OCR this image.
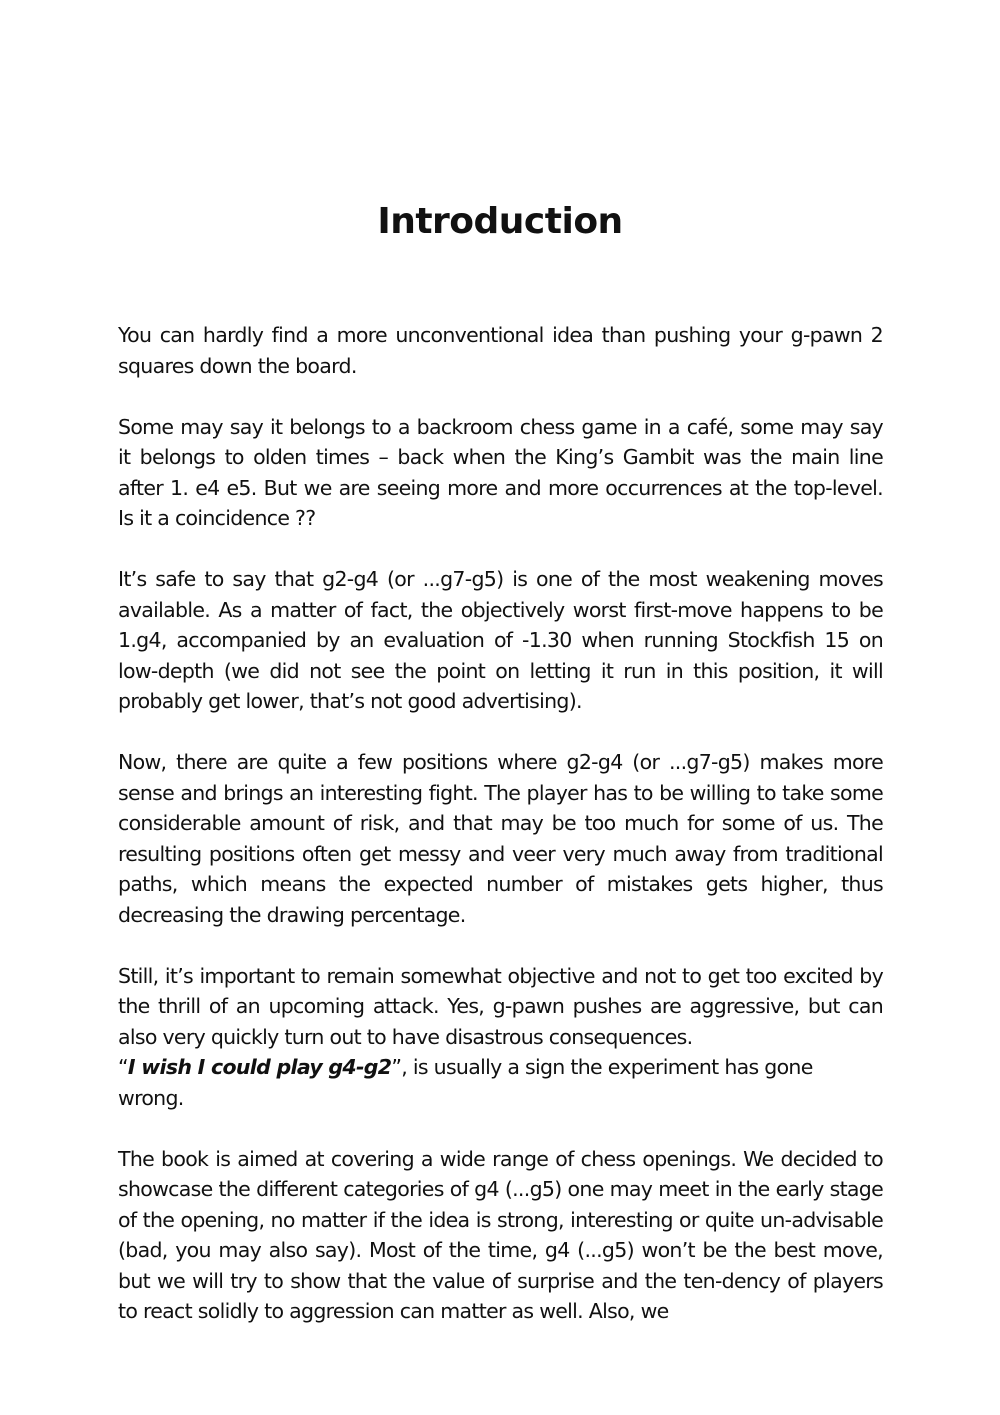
Introduction

You can hardly find a more unconventional idea than pushing your g-pawn 2 squares down the board.

Some may say it belongs to a backroom chess game in a café, some may say it belongs to olden times – back when the King’s Gambit was the main line after 1. e4 e5. But we are seeing more and more occurrences at the top-level. Is it a coincidence ??

It’s safe to say that g2-g4 (or ...g7-g5) is one of the most weakening moves available. As a matter of fact, the objectively worst first-move happens to be 1.g4, accompanied by an evaluation of -1.30 when running Stockfish 15 on low-depth (we did not see the point on letting it run in this position, it will probably get lower, that’s not good advertising).

Now, there are quite a few positions where g2-g4 (or ...g7-g5) makes more sense and brings an interesting fight. The player has to be willing to take some considerable amount of risk, and that may be too much for some of us. The resulting positions often get messy and veer very much away from traditional paths, which means the expected number of mistakes gets higher, thus decreasing the drawing percentage.

Still, it’s important to remain somewhat objective and not to get too excited by the thrill of an upcoming attack. Yes, g-pawn pushes are aggressive, but can also very quickly turn out to have disastrous consequences.

“I wish I could play g4-g2”, is usually a sign the experiment has gone wrong.

The book is aimed at covering a wide range of chess openings. We decided to showcase the different categories of g4 (...g5) one may meet in the early stage of the opening, no matter if the idea is strong, interesting or quite un-advisable (bad, you may also say). Most of the time, g4 (...g5) won’t be the best move, but we will try to show that the value of surprise and the ten-dency of players to react solidly to aggression can matter as well. Also, we
